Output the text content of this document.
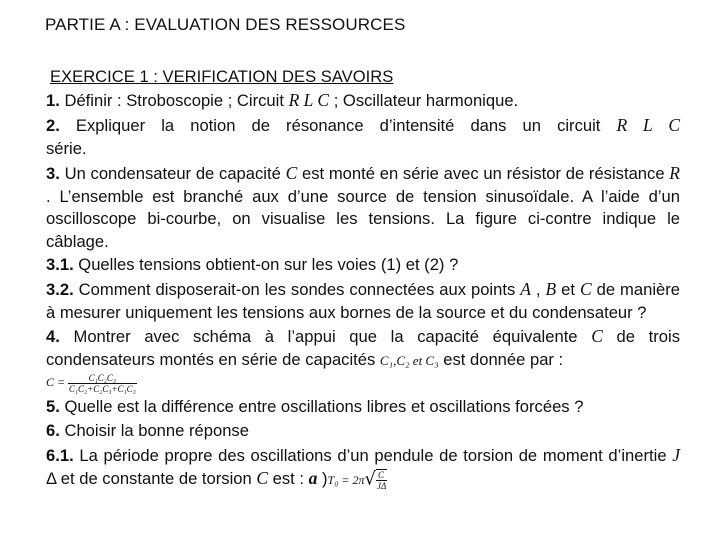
PARTIE A : EVALUATION DES RESSOURCES
EXERCICE 1 : VERIFICATION DES SAVOIRS
1. Définir : Stroboscopie ; Circuit R L C ; Oscillateur harmonique.
2. Expliquer la notion de résonance d’intensité dans un circuit R L C
série.
3. Un condensateur de capacité C est monté en série avec un résistor de résistance R . L’ensemble est branché aux d’une source de tension sinusoïdale. A l’aide d’un oscilloscope bi-courbe, on visualise les tensions. La figure ci-contre indique le câblage.
3.1. Quelles tensions obtient-on sur les voies (1) et (2) ?
3.2. Comment disposerait-on les sondes connectées aux points A , B et C de manière à mesurer uniquement les tensions aux bornes de la source et du condensateur ?
4. Montrer avec schéma à l’appui que la capacité équivalente C de trois condensateurs montés en série de capacités C₁,C₂ et C₃ est donnée par :
$C = \frac{\text{C₁C₂C₃}}{\text{C₁C₂+C₂C₃+C₁C₃}}$
5. Quelle est la différence entre oscillations libres et oscillations forcées ?
6. Choisir la bonne réponse
6.1. La période propre des oscillations d’un pendule de torsion de moment d’inertie J Δ et de constante de torsion C est : a )$T_0 = 2\pi√ \frac{C}{J\Delta}$
